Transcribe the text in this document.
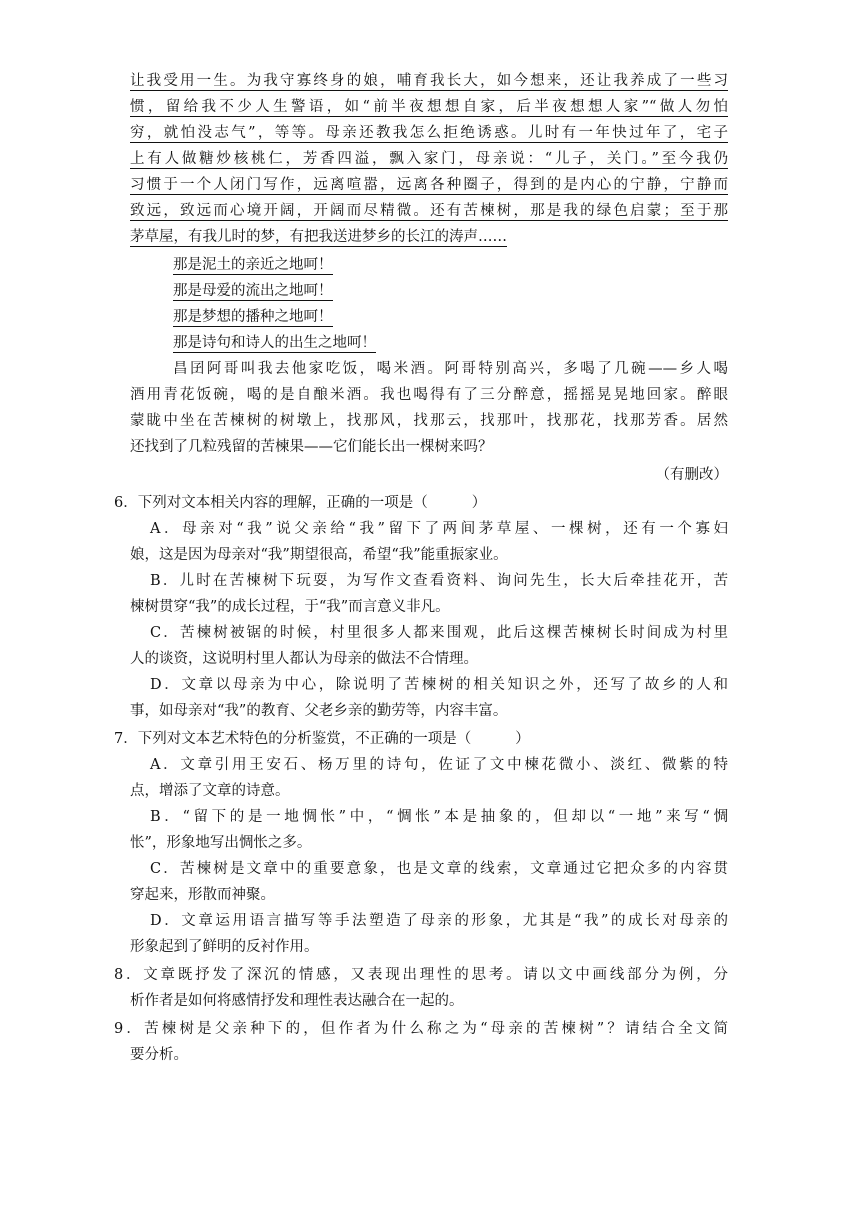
让我受用一生。为我守寡终身的娘，哺育我长大，如今想来，还让我养成了一些习
惯，留给我不少人生警语，如“前半夜想想自家，后半夜想想人家”“做人勿怕
穷，就怕没志气”，等等。母亲还教我怎么拒绝诱惑。儿时有一年快过年了，宅子
上有人做糖炒核桃仁，芳香四溢，飘入家门，母亲说：“儿子，关门。”至今我仍
习惯于一个人闭门写作，远离喧嚣，远离各种圈子，得到的是内心的宁静，宁静而
致远，致远而心境开阔，开阔而尽精微。还有苦楝树，那是我的绿色启蒙；至于那
茅草屋，有我儿时的梦，有把我送进梦乡的长江的涛声……
那是泥土的亲近之地呵！
那是母爱的流出之地呵！
那是梦想的播种之地呵！
那是诗句和诗人的出生之地呵！
昌囝阿哥叫我去他家吃饭，喝米酒。阿哥特别高兴，多喝了几碗——乡人喝
酒用青花饭碗，喝的是自酿米酒。我也喝得有了三分醉意，摇摇晃晃地回家。醉眼
蒙眬中坐在苦楝树的树墩上，找那风，找那云，找那叶，找那花，找那芳香。居然
还找到了几粒残留的苦楝果——它们能长出一棵树来吗？
（有删改）
6．下列对文本相关内容的理解，正确的一项是（	）
A．母亲对“我”说父亲给“我”留下了两间茅草屋、一棵树，还有一个寡妇
娘，这是因为母亲对“我”期望很高，希望“我”能重振家业。
B．儿时在苦楝树下玩耍，为写作文查看资料、询问先生，长大后牵挂花开，苦
楝树贯穿“我”的成长过程，于“我”而言意义非凡。
C．苦楝树被锯的时候，村里很多人都来围观，此后这棵苦楝树长时间成为村里
人的谈资，这说明村里人都认为母亲的做法不合情理。
D．文章以母亲为中心，除说明了苦楝树的相关知识之外，还写了故乡的人和
事，如母亲对“我”的教育、父老乡亲的勤劳等，内容丰富。
7．下列对文本艺术特色的分析鉴赏，不正确的一项是（	）
A．文章引用王安石、杨万里的诗句，佐证了文中楝花微小、淡红、微紫的特
点，增添了文章的诗意。
B．“留下的是一地惆怅”中，“惆怅”本是抽象的，但却以“一地”来写“惆
怅”，形象地写出惆怅之多。
C．苦楝树是文章中的重要意象，也是文章的线索，文章通过它把众多的内容贯
穿起来，形散而神聚。
D．文章运用语言描写等手法塑造了母亲的形象，尤其是“我”的成长对母亲的
形象起到了鲜明的反衬作用。
8．文章既抒发了深沉的情感，又表现出理性的思考。请以文中画线部分为例，分
析作者是如何将感情抒发和理性表达融合在一起的。
9．苦楝树是父亲种下的，但作者为什么称之为“母亲的苦楝树”？请结合全文简
要分析。
